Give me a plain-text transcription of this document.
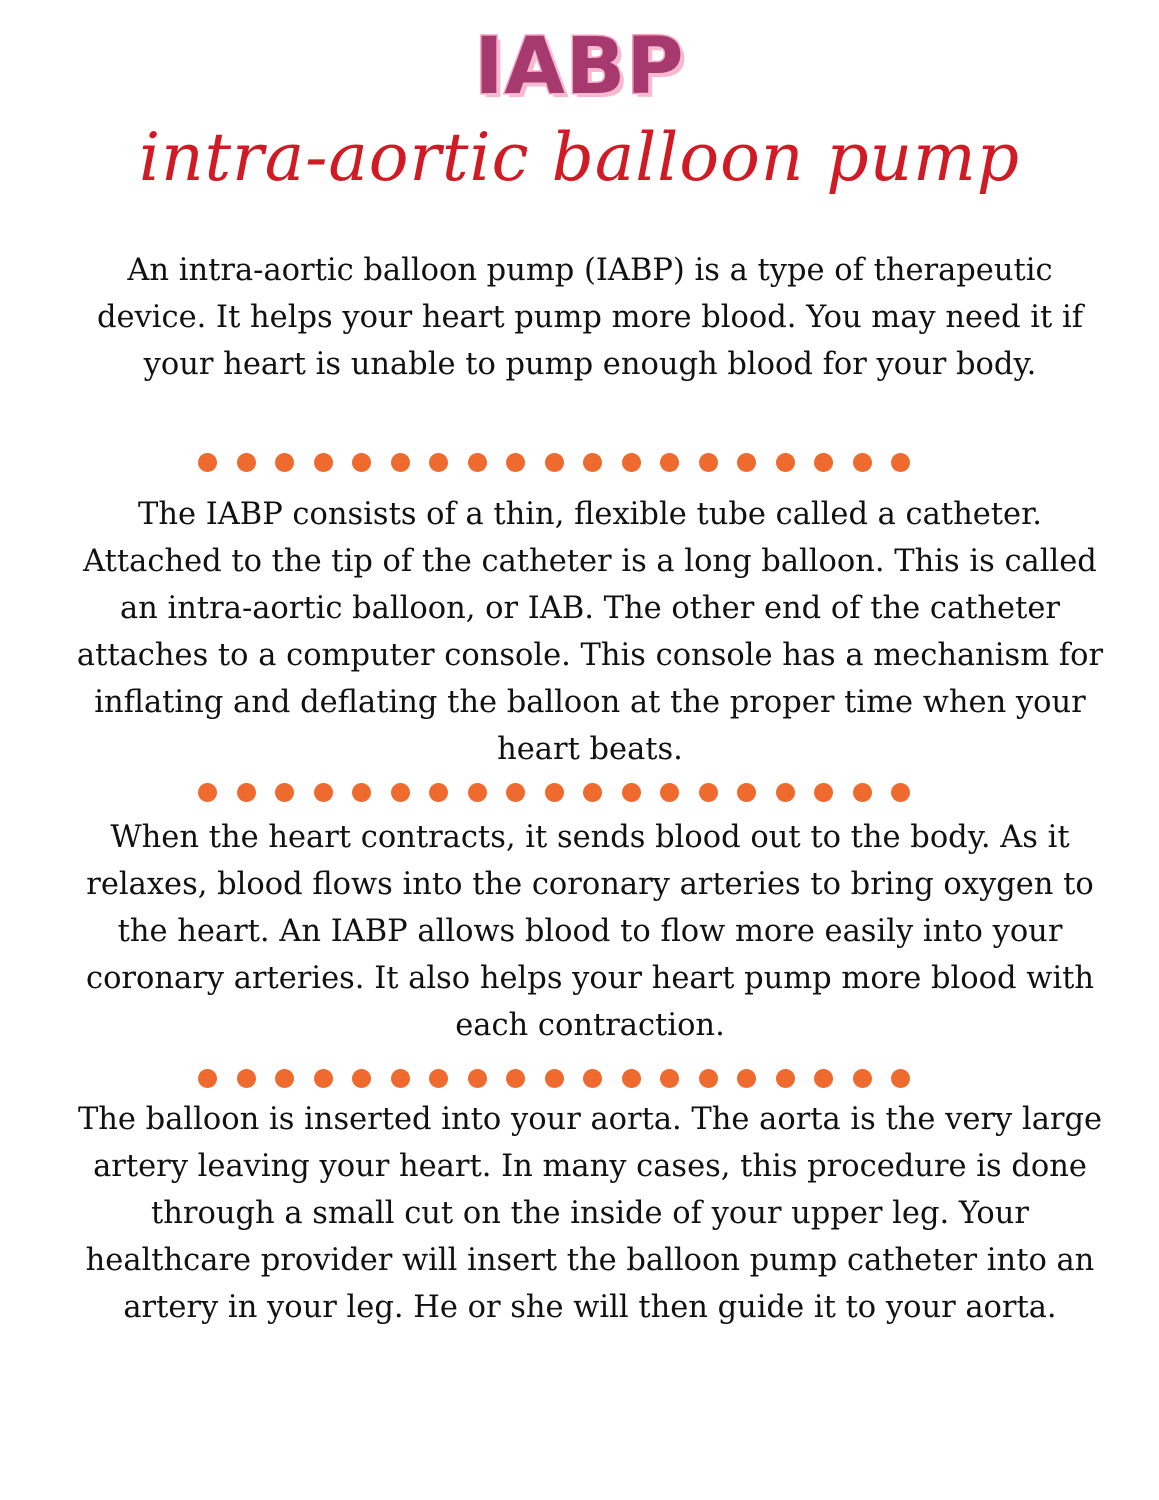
IABP
intra-aortic balloon pump

An intra-aortic balloon pump (IABP) is a type of therapeutic device. It helps your heart pump more blood. You may need it if your heart is unable to pump enough blood for your body.

The IABP consists of a thin, flexible tube called a catheter. Attached to the tip of the catheter is a long balloon. This is called an intra-aortic balloon, or IAB. The other end of the catheter attaches to a computer console. This console has a mechanism for inflating and deflating the balloon at the proper time when your heart beats.

When the heart contracts, it sends blood out to the body. As it relaxes, blood flows into the coronary arteries to bring oxygen to the heart. An IABP allows blood to flow more easily into your coronary arteries. It also helps your heart pump more blood with each contraction.

The balloon is inserted into your aorta. The aorta is the very large artery leaving your heart. In many cases, this procedure is done through a small cut on the inside of your upper leg. Your healthcare provider will insert the balloon pump catheter into an artery in your leg. He or she will then guide it to your aorta.
